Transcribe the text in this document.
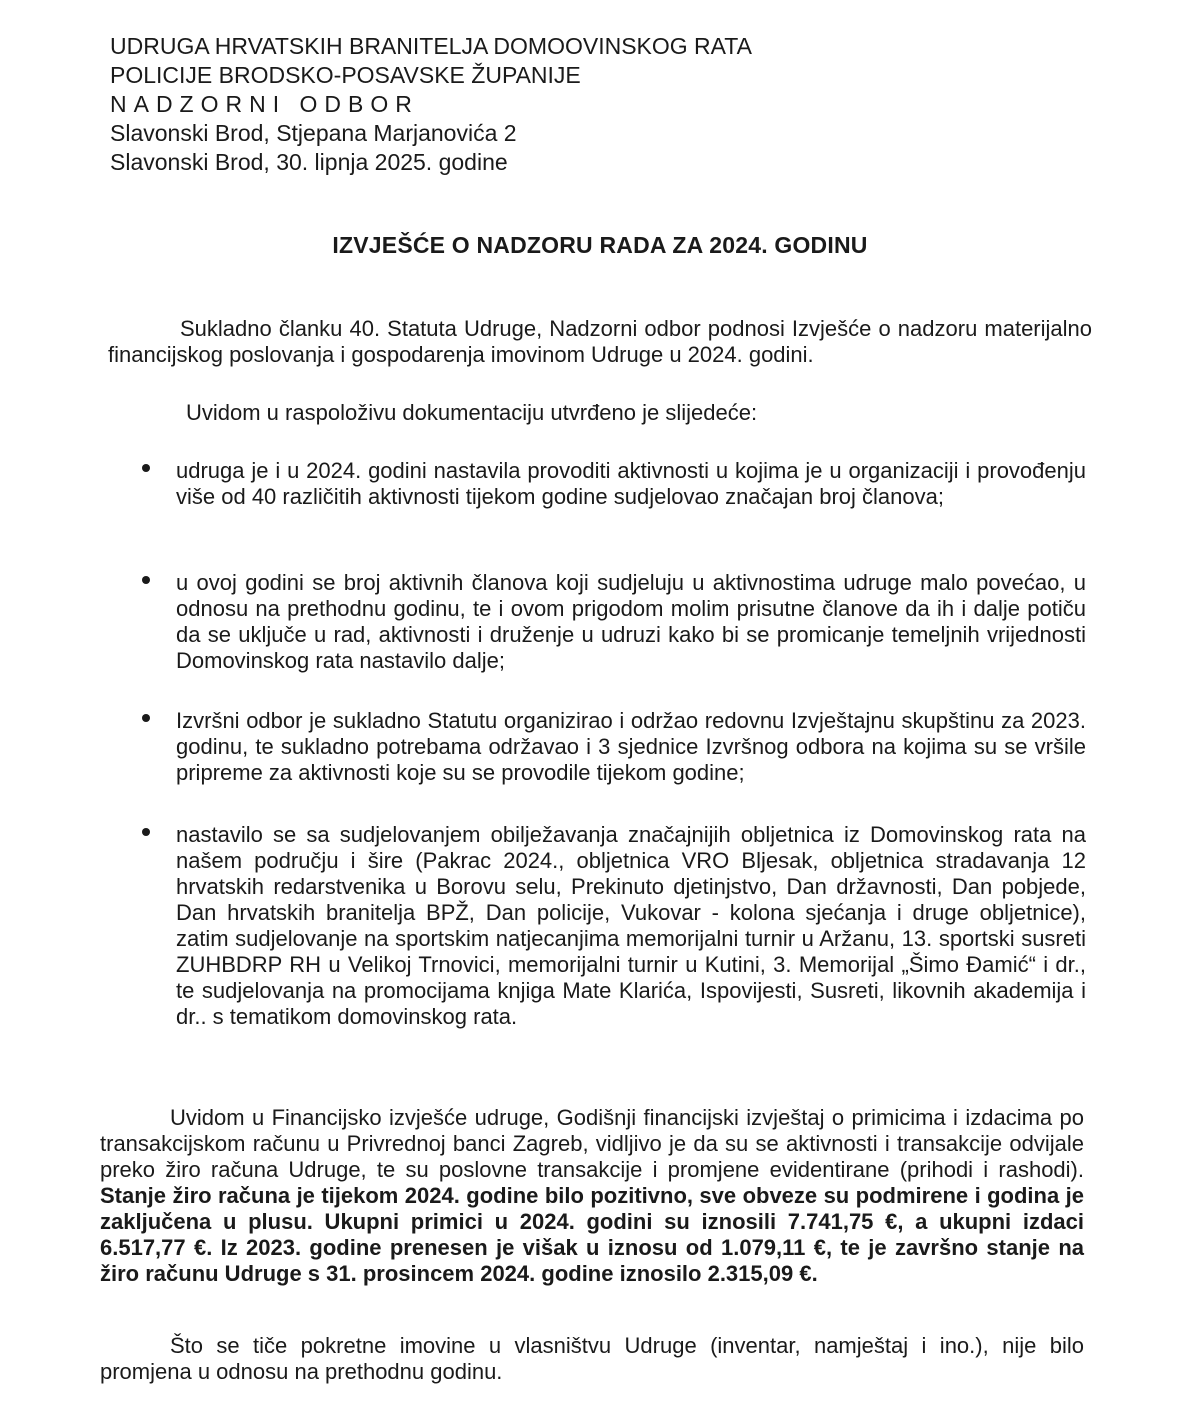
UDRUGA HRVATSKIH BRANITELJA DOMOOVINSKOG RATA
POLICIJE BRODSKO-POSAVSKE ŽUPANIJE
NADZORNI ODBOR
Slavonski Brod, Stjepana Marjanovića 2
Slavonski Brod, 30. lipnja 2025. godine
IZVJEŠĆE O NADZORU RADA ZA 2024. GODINU
Sukladno članku 40. Statuta Udruge, Nadzorni odbor podnosi Izvješće o nadzoru materijalno financijskog poslovanja i gospodarenja imovinom Udruge u 2024. godini.
Uvidom u raspoloživu dokumentaciju utvrđeno je slijedeće:
udruga je i u 2024. godini nastavila provoditi aktivnosti u kojima je u organizaciji i provođenju više od 40 različitih aktivnosti tijekom godine sudjelovao značajan broj članova;
u ovoj godini se broj aktivnih članova koji sudjeluju u aktivnostima udruge malo povećao, u odnosu na prethodnu godinu, te i ovom prigodom molim prisutne članove da ih i dalje potiču da se uključe u rad, aktivnosti i druženje u udruzi kako bi se promicanje temeljnih vrijednosti Domovinskog rata nastavilo dalje;
Izvršni odbor je sukladno Statutu organizirao i održao redovnu Izvještajnu skupštinu za 2023. godinu, te sukladno potrebama održavao i 3 sjednice Izvršnog odbora na kojima su se vršile pripreme za aktivnosti koje su se provodile tijekom godine;
nastavilo se sa sudjelovanjem obilježavanja značajnijih obljetnica iz Domovinskog rata na našem području i šire (Pakrac 2024., obljetnica VRO Bljesak, obljetnica stradavanja 12 hrvatskih redarstvenika u Borovu selu, Prekinuto djetinjstvo, Dan državnosti, Dan pobjede, Dan hrvatskih branitelja BPŽ, Dan policije, Vukovar - kolona sjećanja i druge obljetnice), zatim sudjelovanje na sportskim natjecanjima memorijalni turnir u Aržanu, 13. sportski susreti ZUHBDRP RH u Velikoj Trnovici, memorijalni turnir u Kutini, 3. Memorijal „Šimo Đamić“ i dr., te sudjelovanja na promocijama knjiga Mate Klarića, Ispovijesti, Susreti, likovnih akademija i dr.. s tematikom domovinskog rata.
Uvidom u Financijsko izvješće udruge, Godišnji financijski izvještaj o primicima i izdacima po transakcijskom računu u Privrednoj banci Zagreb, vidljivo je da su se aktivnosti i transakcije odvijale preko žiro računa Udruge, te su poslovne transakcije i promjene evidentirane (prihodi i rashodi). Stanje žiro računa je tijekom 2024. godine bilo pozitivno, sve obveze su podmirene i godina je zaključena u plusu. Ukupni primici u 2024. godini su iznosili 7.741,75 €, a ukupni izdaci 6.517,77 €. Iz 2023. godine prenesen je višak u iznosu od 1.079,11 €, te je završno stanje na žiro računu Udruge s 31. prosincem 2024. godine iznosilo 2.315,09 €.
Što se tiče pokretne imovine u vlasništvu Udruge (inventar, namještaj i ino.), nije bilo promjena u odnosu na prethodnu godinu.
